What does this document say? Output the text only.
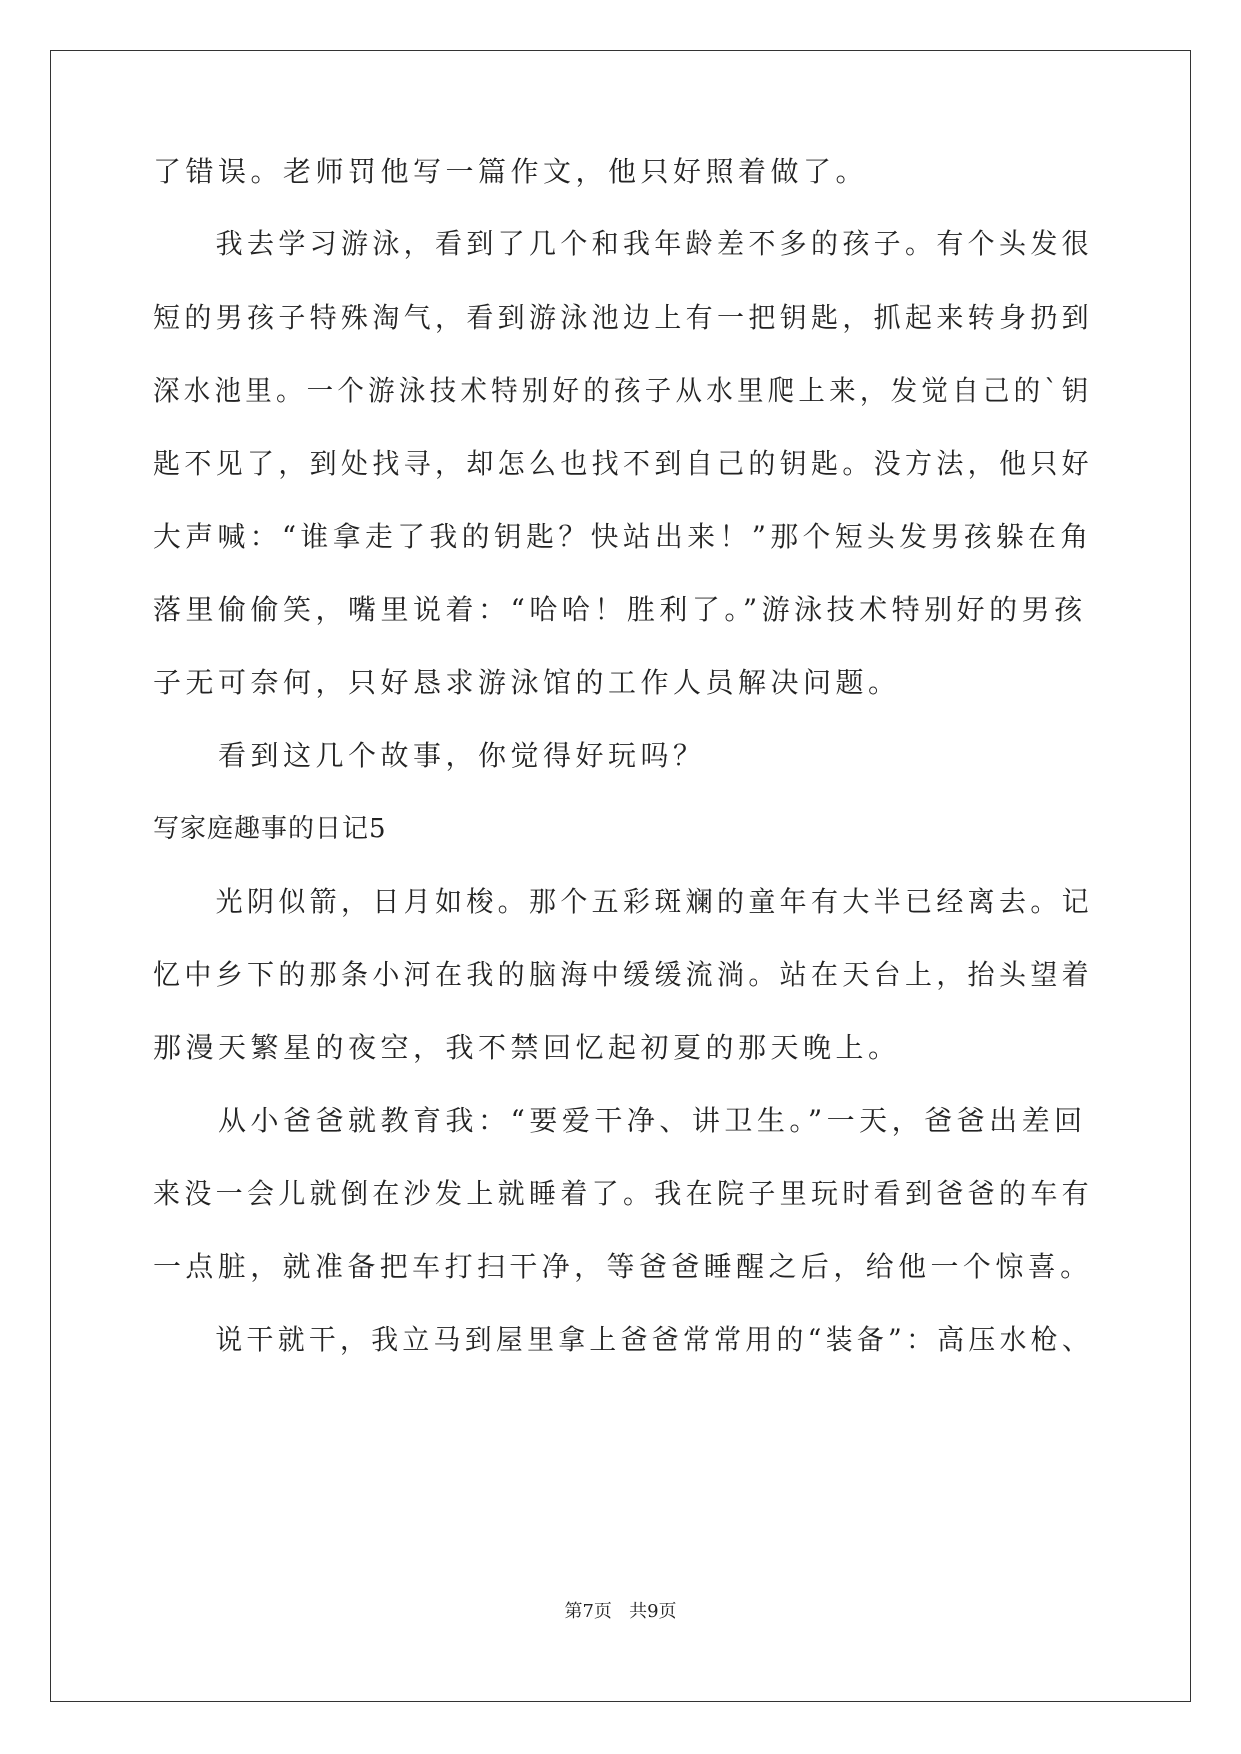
了错误。老师罚他写一篇作文，他只好照着做了。

　　我去学习游泳，看到了几个和我年龄差不多的孩子。有个头发很

短的男孩子特殊淘气，看到游泳池边上有一把钥匙，抓起来转身扔到

深水池里。一个游泳技术特别好的孩子从水里爬上来，发觉自己的`钥

匙不见了，到处找寻，却怎么也找不到自己的钥匙。没方法，他只好

大声喊：“谁拿走了我的钥匙？快站出来！”那个短头发男孩躲在角

落里偷偷笑，嘴里说着：“哈哈！胜利了。”游泳技术特别好的男孩

子无可奈何，只好恳求游泳馆的工作人员解决问题。

　　看到这几个故事，你觉得好玩吗？

写家庭趣事的日记5

　　光阴似箭，日月如梭。那个五彩斑斓的童年有大半已经离去。记

忆中乡下的那条小河在我的脑海中缓缓流淌。站在天台上，抬头望着

那漫天繁星的夜空，我不禁回忆起初夏的那天晚上。

　　从小爸爸就教育我：“要爱干净、讲卫生。”一天，爸爸出差回

来没一会儿就倒在沙发上就睡着了。我在院子里玩时看到爸爸的车有

一点脏，就准备把车打扫干净，等爸爸睡醒之后，给他一个惊喜。

　　说干就干，我立马到屋里拿上爸爸常常用的“装备”：高压水枪、

第7页 共9页
